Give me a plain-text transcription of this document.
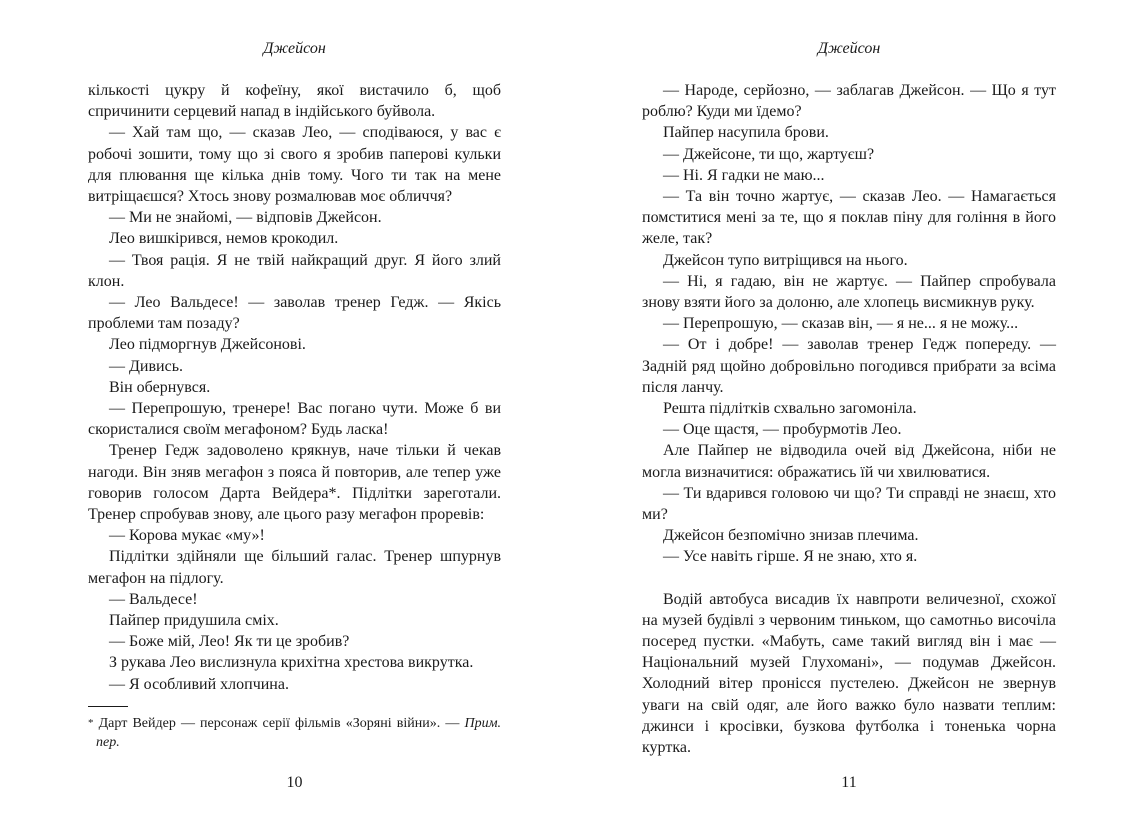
Джейсон

кількості цукру й кофеїну, якої вистачило б, щоб спричинити серцевий напад в індійського буйвола.

— Хай там що, — сказав Лео, — сподіваюся, у вас є робочі зошити, тому що зі свого я зробив паперові кульки для плювання ще кілька днів тому. Чого ти так на мене витріщаєшся? Хтось знову розмалював моє обличчя?

— Ми не знайомі, — відповів Джейсон.

Лео вишкірився, немов крокодил.

— Твоя рація. Я не твій найкращий друг. Я його злий клон.

— Лео Вальдесе! — заволав тренер Гедж. — Якісь проблеми там позаду?

Лео підморгнув Джейсонові.

— Дивись.

Він обернувся.

— Перепрошую, тренере! Вас погано чути. Може б ви скористалися своїм мегафоном? Будь ласка!

Тренер Гедж задоволено крякнув, наче тільки й чекав нагоди. Він зняв мегафон з пояса й повторив, але тепер уже говорив голосом Дарта Вейдера*. Підлітки зареготали. Тренер спробував знову, але цього разу мегафон проревів:

— Корова мукає «му»!

Підлітки здійняли ще більший галас. Тренер шпурнув мегафон на підлогу.

— Вальдесе!

Пайпер придушила сміх.

— Боже мій, Лео! Як ти це зробив?

З рукава Лео вислизнула крихітна хрестова викрутка.

— Я особливий хлопчина.

* Дарт Вейдер — персонаж серії фільмів «Зоряні війни». — Прим. пер.
10
Джейсон

— Народе, серйозно, — заблагав Джейсон. — Що я тут роблю? Куди ми їдемо?

Пайпер насупила брови.

— Джейсоне, ти що, жартуєш?

— Ні. Я гадки не маю...

— Та він точно жартує, — сказав Лео. — Намагається помститися мені за те, що я поклав піну для гоління в його желе, так?

Джейсон тупо витріщився на нього.

— Ні, я гадаю, він не жартує. — Пайпер спробувала знову взяти його за долоню, але хлопець висмикнув руку.

— Перепрошую, — сказав він, — я не... я не можу...

— От і добре! — заволав тренер Гедж попереду. — Задній ряд щойно добровільно погодився прибрати за всіма після ланчу.

Решта підлітків схвально загомоніла.

— Оце щастя, — пробурмотів Лео.

Але Пайпер не відводила очей від Джейсона, ніби не могла визначитися: ображатись їй чи хвилюватися.

— Ти вдарився головою чи що? Ти справді не знаєш, хто ми?

Джейсон безпомічно знизав плечима.

— Усе навіть гірше. Я не знаю, хто я.

Водій автобуса висадив їх навпроти величезної, схожої на музей будівлі з червоним тиньком, що самотньо височіла посеред пустки. «Мабуть, саме такий вигляд він і має — Національний музей Глухомані», — подумав Джейсон. Холодний вітер пронісся пустелею. Джейсон не звернув уваги на свій одяг, але його важко було назвати теплим: джинси і кросівки, бузкова футболка і тоненька чорна куртка.

11
